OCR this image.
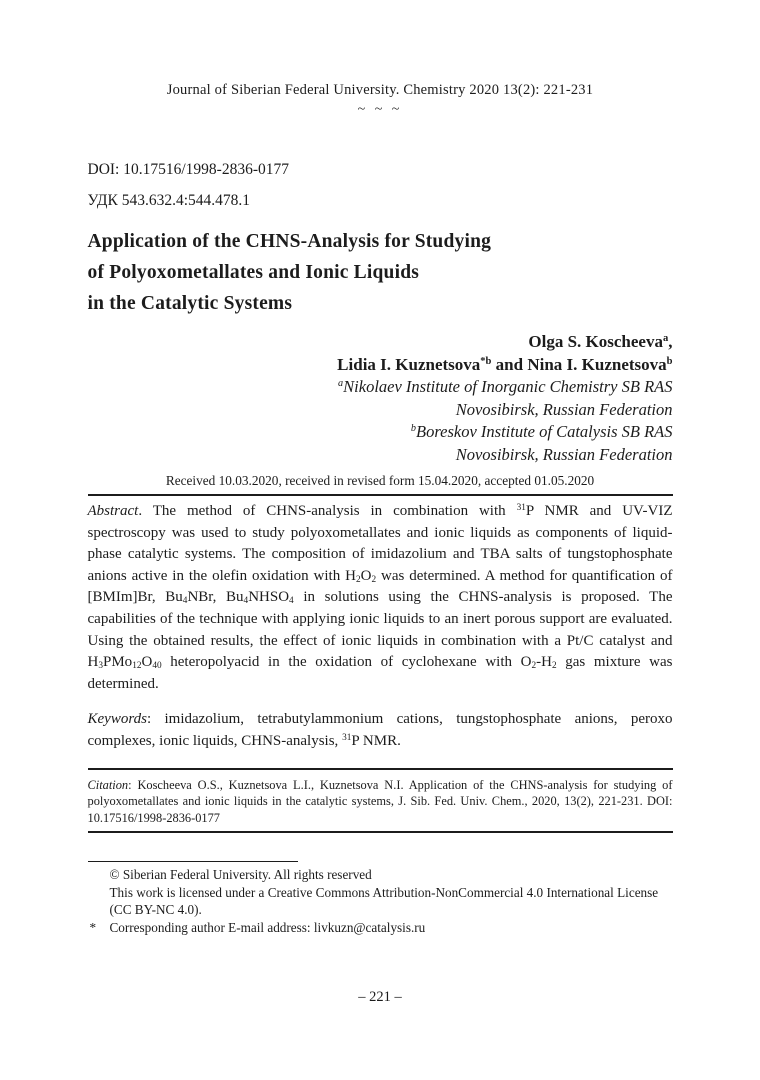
Journal of Siberian Federal University. Chemistry 2020 13(2): 221-231
~ ~ ~
DOI: 10.17516/1998-2836-0177
УДК 543.632.4:544.478.1
Application of the CHNS-Analysis for Studying
of Polyoxometallates and Ionic Liquids
in the Catalytic Systems
Olga S. Koscheeva$^a$,
Lidia I. Kuznetsova$^{*b}$ and Nina I. Kuznetsova$^b$
$^a$Nikolaev Institute of Inorganic Chemistry SB RAS
Novosibirsk, Russian Federation
$^b$Boreskov Institute of Catalysis SB RAS
Novosibirsk, Russian Federation
Received 10.03.2020, received in revised form 15.04.2020, accepted 01.05.2020
Abstract. The method of CHNS-analysis in combination with $^{31}$P NMR and UV-VIZ spectroscopy was used to study polyoxometallates and ionic liquids as components of liquid-phase catalytic systems. The composition of imidazolium and TBA salts of tungstophosphate anions active in the olefin oxidation with $H_2O_2$ was determined. A method for quantification of [BMIm]Br, $Bu_4NBr$, $Bu_4NHSO_4$ in solutions using the CHNS-analysis is proposed. The capabilities of the technique with applying ionic liquids to an inert porous support are evaluated. Using the obtained results, the effect of ionic liquids in combination with a Pt/C catalyst and $H_3PMo_{12}O_{40}$ heteropolyacid in the oxidation of cyclohexane with $O_2-H_2$ gas mixture was determined.
Keywords: imidazolium, tetrabutylammonium cations, tungstophosphate anions, peroxo complexes, ionic liquids, CHNS-analysis, $^{31}$P NMR.
Citation: Koscheeva O.S., Kuznetsova L.I., Kuznetsova N.I. Application of the CHNS-analysis for studying of polyoxometallates and ionic liquids in the catalytic systems, J. Sib. Fed. Univ. Chem., 2020, 13(2), 221-231. DOI: 10.17516/1998-2836-0177
© Siberian Federal University. All rights reserved
This work is licensed under a Creative Commons Attribution-NonCommercial 4.0 International License (CC BY-NC 4.0).
* Corresponding author E-mail address: livkuzn@catalysis.ru
– 221 –
